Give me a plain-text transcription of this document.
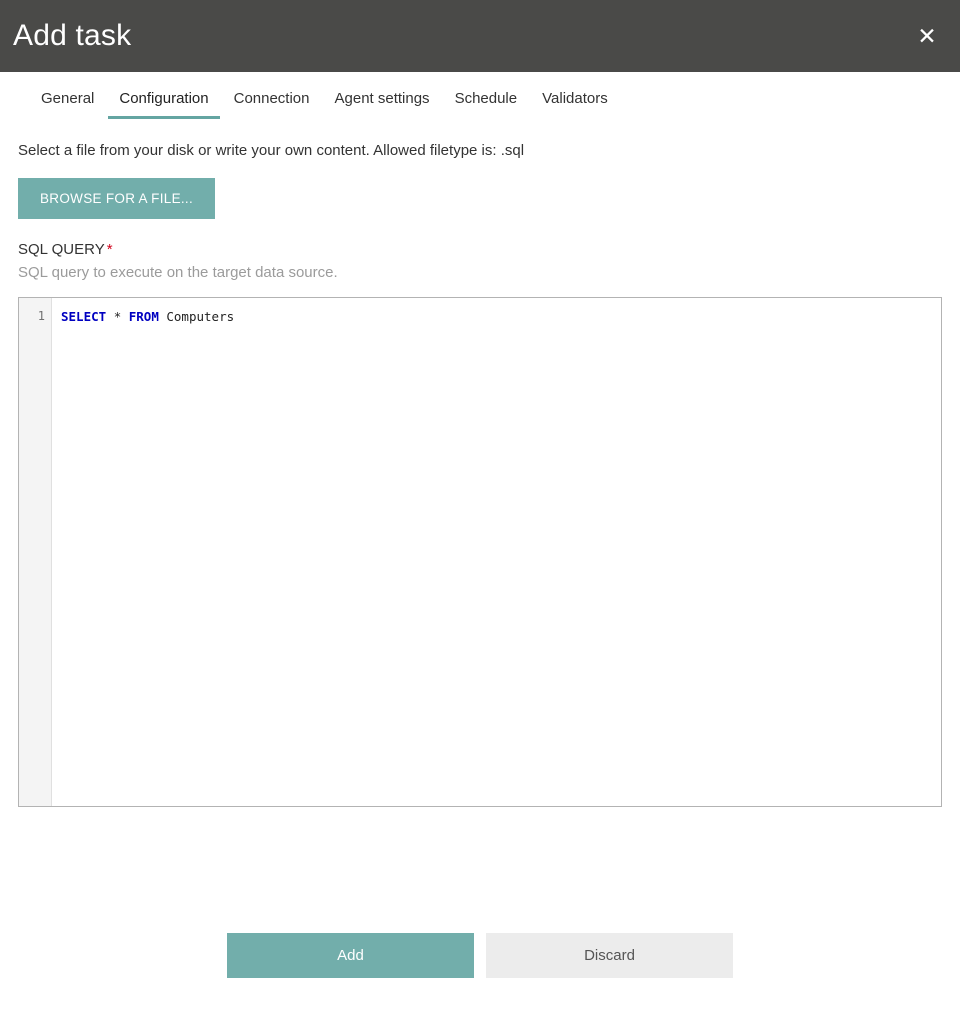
Add task	✕
General	Configuration	Connection	Agent settings	Schedule	Validators
Select a file from your disk or write your own content. Allowed filetype is: .sql
BROWSE FOR A FILE...
SQL QUERY *
SQL query to execute on the target data source.
1	SELECT * FROM Computers
Add	Discard
